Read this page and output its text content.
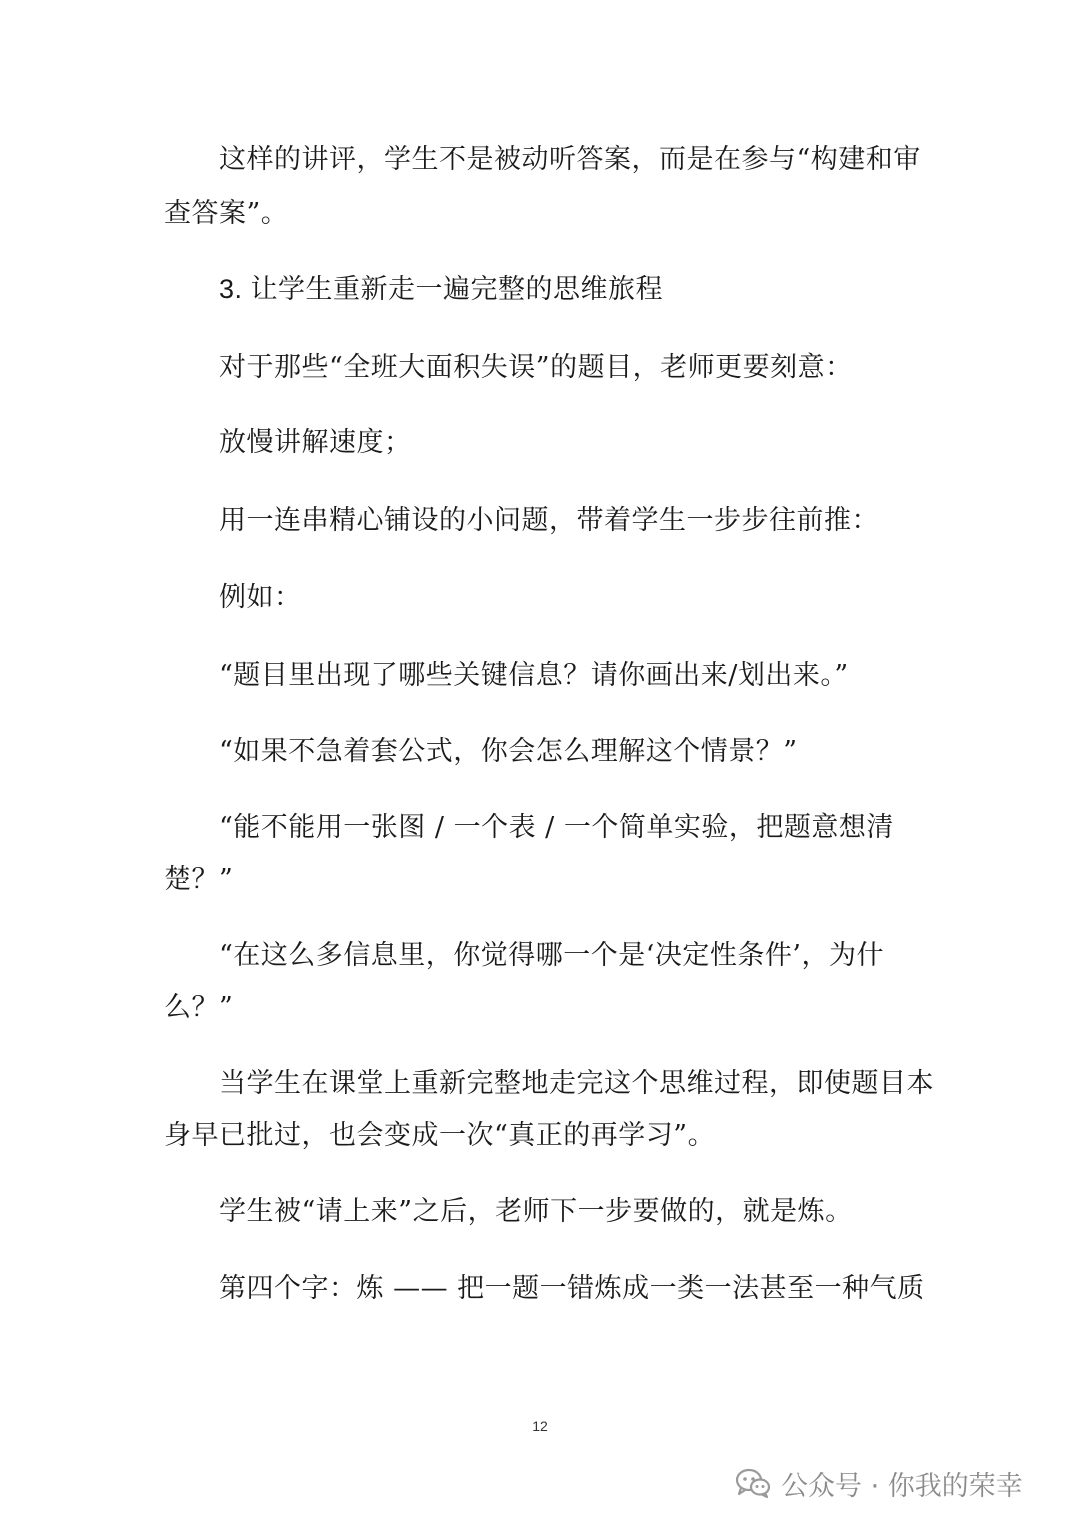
这样的讲评，学生不是被动听答案，而是在参与“构建和审
查答案”。
3. 让学生重新走一遍完整的思维旅程
对于那些“全班大面积失误”的题目，老师更要刻意：
放慢讲解速度；
用一连串精心铺设的小问题，带着学生一步步往前推：
例如：
“题目里出现了哪些关键信息？请你画出来/划出来。”
“如果不急着套公式，你会怎么理解这个情景？”
“能不能用一张图 / 一个表 / 一个简单实验，把题意想清
楚？”
“在这么多信息里，你觉得哪一个是‘决定性条件’，为什
么？”
当学生在课堂上重新完整地走完这个思维过程，即使题目本
身早已批过，也会变成一次“真正的再学习”。
学生被“请上来”之后，老师下一步要做的，就是炼。
第四个字：炼 —— 把一题一错炼成一类一法甚至一种气质
12
公众号 · 你我的荣幸
